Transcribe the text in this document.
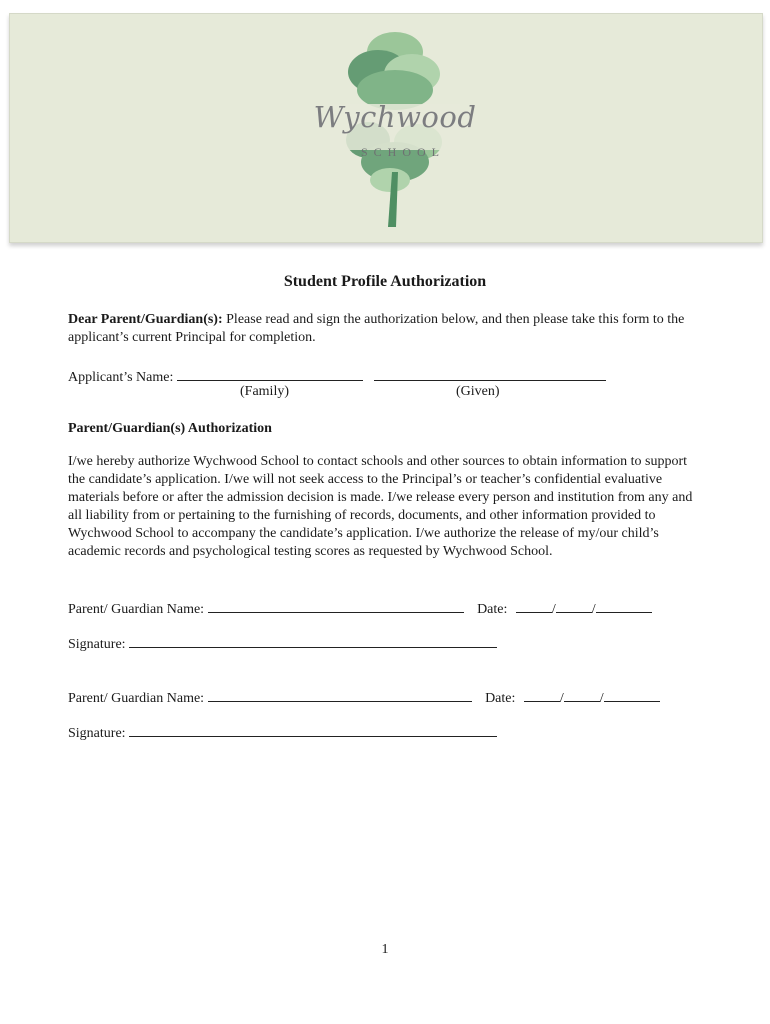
Wychwood
SCHOOL
Student Profile Authorization
Dear Parent/Guardian(s): Please read and sign the authorization below, and then please take this form to the applicant’s current Principal for completion.
Applicant’s Name:
(Family)	(Given)
Parent/Guardian(s) Authorization
I/we hereby authorize Wychwood School to contact schools and other sources to obtain information to support the candidate’s application. I/we will not seek access to the Principal’s or teacher’s confidential evaluative materials before or after the admission decision is made. I/we release every person and institution from any and all liability from or pertaining to the furnishing of records, documents, and other information provided to Wychwood School to accompany the candidate’s application. I/we authorize the release of my/our child’s academic records and psychological testing scores as requested by Wychwood School.
Parent/ Guardian Name:	Date:	/	/
Signature:
Parent/ Guardian Name:	Date:	/	/
Signature:
1
